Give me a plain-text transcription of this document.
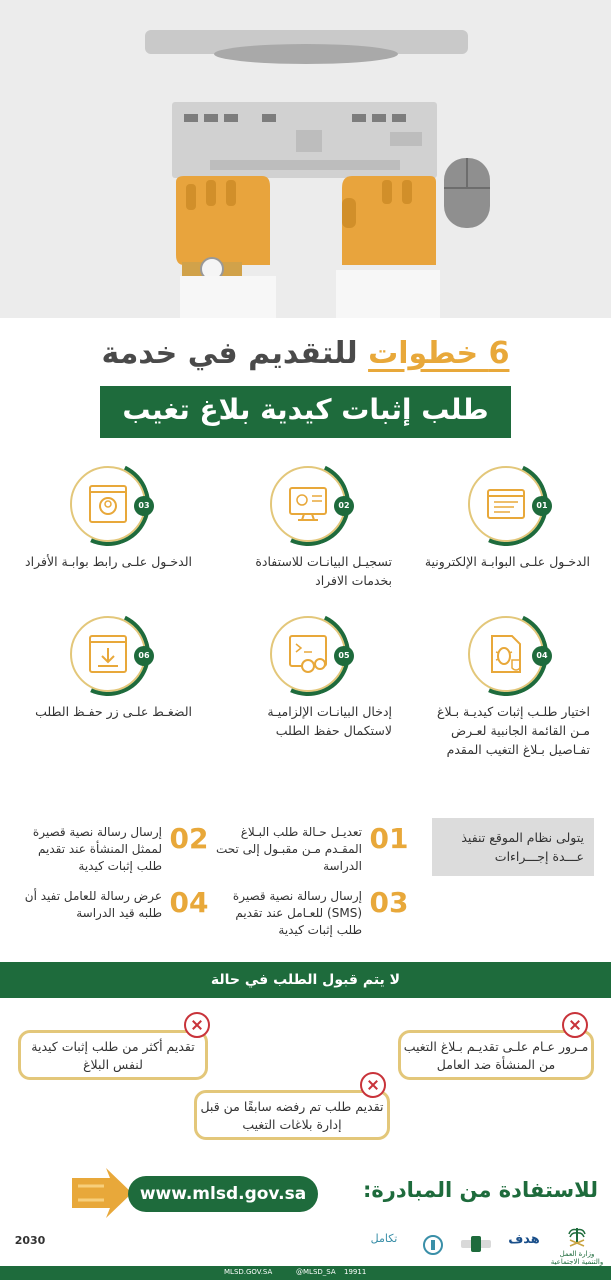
6 خطوات للتقديم في خدمة
طلب إثبات كيدية بلاغ تغيب
01
الدخـول علـى البوابـة الإلكترونية
02
تسجيـل البيانـات للاستفادة بخدمات الافراد
03
الدخـول علـى رابط بوابـة الأفراد
04
اختيار طلـب إثبات كيديـة بـلاغ مـن القائمة الجانبية لعـرض تفـاصيل بـلاغ التغيب المقدم
05
إدخال البيانـات الإلزاميـة لاستكمال حفظ الطلب
06
الضغـط علـى زر حفـظ الطلب
يتولى نظام الموقع تنفيذ عـــدة إجـــراءات
01
تعديـل حـالة طلب البـلاغ المقـدم مـن مقبـول إلى تحت الدراسة
02
إرسال رسالة نصية قصيرة لممثل المنشأة عند تقديم طلب إثبات كيدية
03
إرسال رسالة نصية قصيرة (SMS) للعـامل عند تقديم طلب إثبات كيدية
04
عرض رسالة للعامل تفيد أن طلبه قيد الدراسة
لا يتم قبول الطلب في حالة
مـرور عـام علـى تقديـم بـلاغ التغيب من المنشأة ضد العامل
تقديم أكثر من طلب إثبات كيدية لنفس البلاغ
تقديم طلب تم رفضه سابقًا من قبل إدارة بلاغات التغيب
www.mlsd.gov.sa	للاستفادة من المبادرة:
2030	تكامل	هدف
وزارة العمل والتنمية الاجتماعية
MLSD.GOV.SA	@MLSD_SA 19911
